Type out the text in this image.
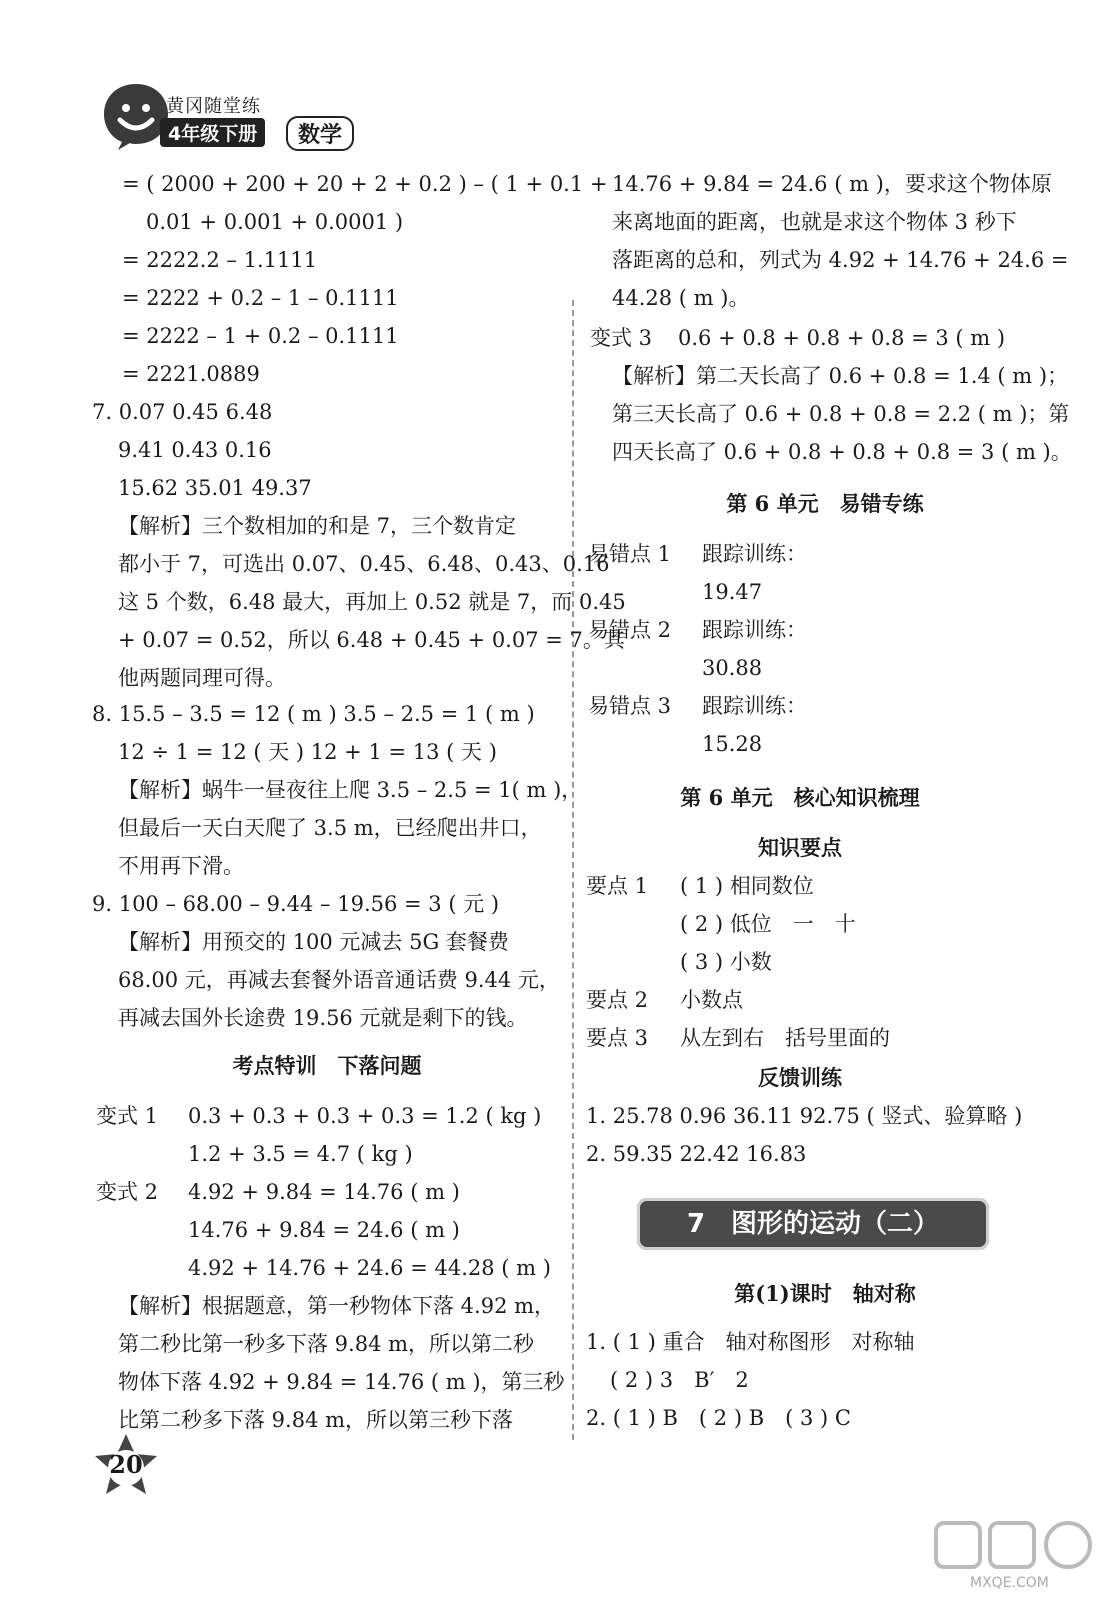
黄冈随堂练
4年级下册	数学
= ( 2000 + 200 + 20 + 2 + 0.2 ) – ( 1 + 0.1 +
0.01 + 0.001 + 0.0001 )
= 2222.2 – 1.1111
= 2222 + 0.2 – 1 – 0.1111
= 2222 – 1 + 0.2 – 0.1111
= 2221.0889
7. 0.07 0.45 6.48
9.41 0.43 0.16
15.62 35.01 49.37
【解析】三个数相加的和是 7，三个数肯定
都小于 7，可选出 0.07、0.45、6.48、0.43、0.16
这 5 个数，6.48 最大，再加上 0.52 就是 7，而 0.45
+ 0.07 = 0.52，所以 6.48 + 0.45 + 0.07 = 7。其
他两题同理可得。
8. 15.5 – 3.5 = 12 ( m ) 3.5 – 2.5 = 1 ( m )
12 ÷ 1 = 12 ( 天 ) 12 + 1 = 13 ( 天 )
【解析】蜗牛一昼夜往上爬 3.5 – 2.5 = 1( m )，
但最后一天白天爬了 3.5 m，已经爬出井口，
不用再下滑。
9. 100 – 68.00 – 9.44 – 19.56 = 3 ( 元 )
【解析】用预交的 100 元减去 5G 套餐费
68.00 元，再减去套餐外语音通话费 9.44 元，
再减去国外长途费 19.56 元就是剩下的钱。
考点特训　下落问题
变式 1 0.3 + 0.3 + 0.3 + 0.3 = 1.2 ( kg )
1.2 + 3.5 = 4.7 ( kg )
变式 2 4.92 + 9.84 = 14.76 ( m )
14.76 + 9.84 = 24.6 ( m )
4.92 + 14.76 + 24.6 = 44.28 ( m )
【解析】根据题意，第一秒物体下落 4.92 m，
第二秒比第一秒多下落 9.84 m，所以第二秒
物体下落 4.92 + 9.84 = 14.76 ( m )，第三秒
比第二秒多下落 9.84 m，所以第三秒下落
14.76 + 9.84 = 24.6 ( m )，要求这个物体原
来离地面的距离，也就是求这个物体 3 秒下
落距离的总和，列式为 4.92 + 14.76 + 24.6 =
44.28 ( m )。
变式 3 0.6 + 0.8 + 0.8 + 0.8 = 3 ( m )
【解析】第二天长高了 0.6 + 0.8 = 1.4 ( m )；
第三天长高了 0.6 + 0.8 + 0.8 = 2.2 ( m )；第
四天长高了 0.6 + 0.8 + 0.8 + 0.8 = 3 ( m )。
第 6 单元　易错专练
易错点 1 跟踪训练：
19.47
易错点 2 跟踪训练：
30.88
易错点 3 跟踪训练：
15.28
第 6 单元　核心知识梳理
知识要点
要点 1 ( 1 ) 相同数位
( 2 ) 低位　一　十
( 3 ) 小数
要点 2 小数点
要点 3 从左到右　括号里面的
反馈训练
1. 25.78 0.96 36.11 92.75 ( 竖式、验算略 )
2. 59.35 22.42 16.83
7　图形的运动（二）
第(1)课时　轴对称
1. ( 1 ) 重合　轴对称图形　对称轴
( 2 ) 3　B′　2
2. ( 1 ) B　( 2 ) B　( 3 ) C
20
MXQE.COM
